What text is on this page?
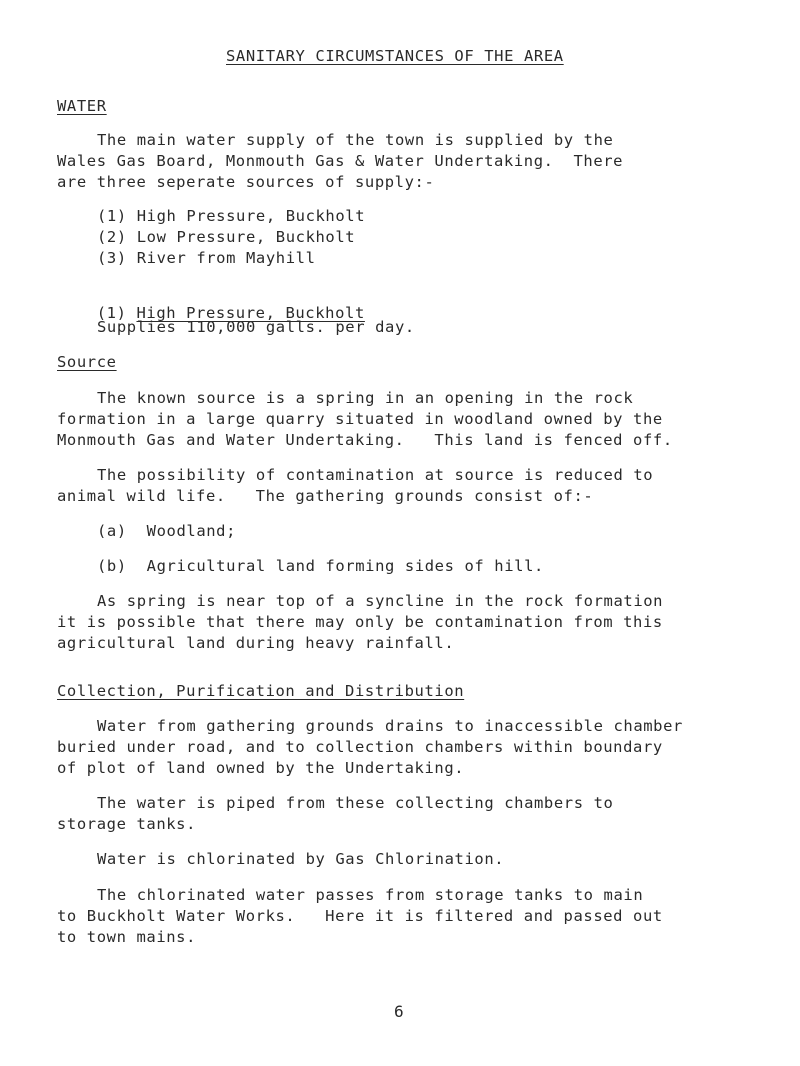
SANITARY CIRCUMSTANCES OF THE AREA
WATER
The main water supply of the town is supplied by the
Wales Gas Board, Monmouth Gas & Water Undertaking.  There
are three seperate sources of supply:-
(1) High Pressure, Buckholt
(2) Low Pressure, Buckholt
(3) River from Mayhill

(1) High Pressure, Buckholt

Supplies 110,000 galls. per day.
Source
The known source is a spring in an opening in the rock
formation in a large quarry situated in woodland owned by the
Monmouth Gas and Water Undertaking.   This land is fenced off.
The possibility of contamination at source is reduced to
animal wild life.   The gathering grounds consist of:-
(a)  Woodland;
(b)  Agricultural land forming sides of hill.
As spring is near top of a syncline in the rock formation
it is possible that there may only be contamination from this
agricultural land during heavy rainfall.
Collection, Purification and Distribution
Water from gathering grounds drains to inaccessible chamber
buried under road, and to collection chambers within boundary
of plot of land owned by the Undertaking.
The water is piped from these collecting chambers to
storage tanks.
Water is chlorinated by Gas Chlorination.
The chlorinated water passes from storage tanks to main
to Buckholt Water Works.   Here it is filtered and passed out
to town mains.
6
